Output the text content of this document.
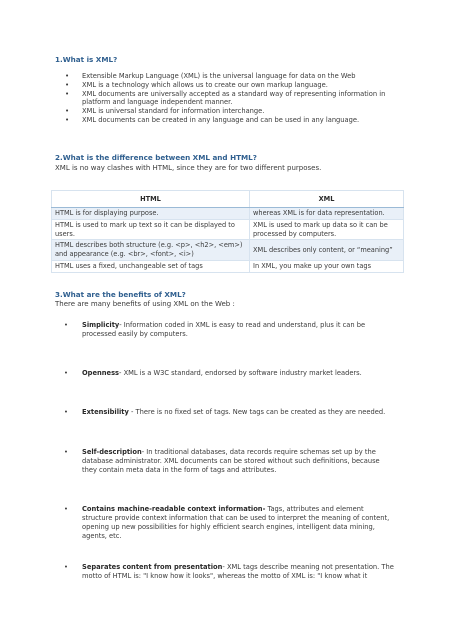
1.What is XML?
• Extensible Markup Language (XML) is the universal language for data on the Web
• XML is a technology which allows us to create our own markup language.
• XML documents are universally accepted as a standard way of representing information in platform and language independent manner.
• XML is universal standard for information interchange.
• XML documents can be created in any language and can be used in any language.
2.What is the difference between XML and HTML?
XML is no way clashes with HTML, since they are for two different purposes.
HTML	XML
HTML is for displaying purpose.	whereas XML is for data representation.
HTML is used to mark up text so it can be displayed to users.	XML is used to mark up data so it can be processed by computers.
HTML describes both structure (e.g. <p>, <h2>, <em>) and appearance (e.g. <br>, <font>, <i>)	XML describes only content, or “meaning”
HTML uses a fixed, unchangeable set of tags	In XML, you make up your own tags
3.What are the benefits of XML?
There are many benefits of using XML on the Web :
• Simplicity- Information coded in XML is easy to read and understand, plus it can be processed easily by computers.
• Openness- XML is a W3C standard, endorsed by software industry market leaders.
• Extensibility - There is no fixed set of tags. New tags can be created as they are needed.
• Self-description- In traditional databases, data records require schemas set up by the database administrator. XML documents can be stored without such definitions, because they contain meta data in the form of tags and attributes.
• Contains machine-readable context information- Tags, attributes and element structure provide context information that can be used to interpret the meaning of content, opening up new possibilities for highly efficient search engines, intelligent data mining, agents, etc.
• Separates content from presentation- XML tags describe meaning not presentation. The motto of HTML is: "I know how it looks", whereas the motto of XML is: "I know what it
